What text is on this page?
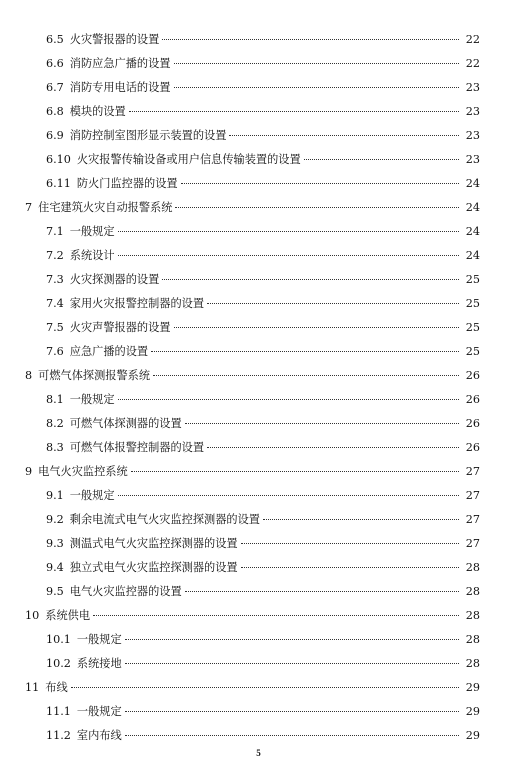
6.5 火灾警报器的设置	22
6.6 消防应急广播的设置	22
6.7 消防专用电话的设置	23
6.8 模块的设置	23
6.9 消防控制室图形显示装置的设置	23
6.10 火灾报警传输设备或用户信息传输装置的设置	23
6.11 防火门监控器的设置	24
7 住宅建筑火灾自动报警系统	24
7.1 一般规定	24
7.2 系统设计	24
7.3 火灾探测器的设置	25
7.4 家用火灾报警控制器的设置	25
7.5 火灾声警报器的设置	25
7.6 应急广播的设置	25
8 可燃气体探测报警系统	26
8.1 一般规定	26
8.2 可燃气体探测器的设置	26
8.3 可燃气体报警控制器的设置	26
9 电气火灾监控系统	27
9.1 一般规定	27
9.2 剩余电流式电气火灾监控探测器的设置	27
9.3 测温式电气火灾监控探测器的设置	27
9.4 独立式电气火灾监控探测器的设置	28
9.5 电气火灾监控器的设置	28
10 系统供电	28
10.1 一般规定	28
10.2 系统接地	28
11 布线	29
11.1 一般规定	29
11.2 室内布线	29
5
